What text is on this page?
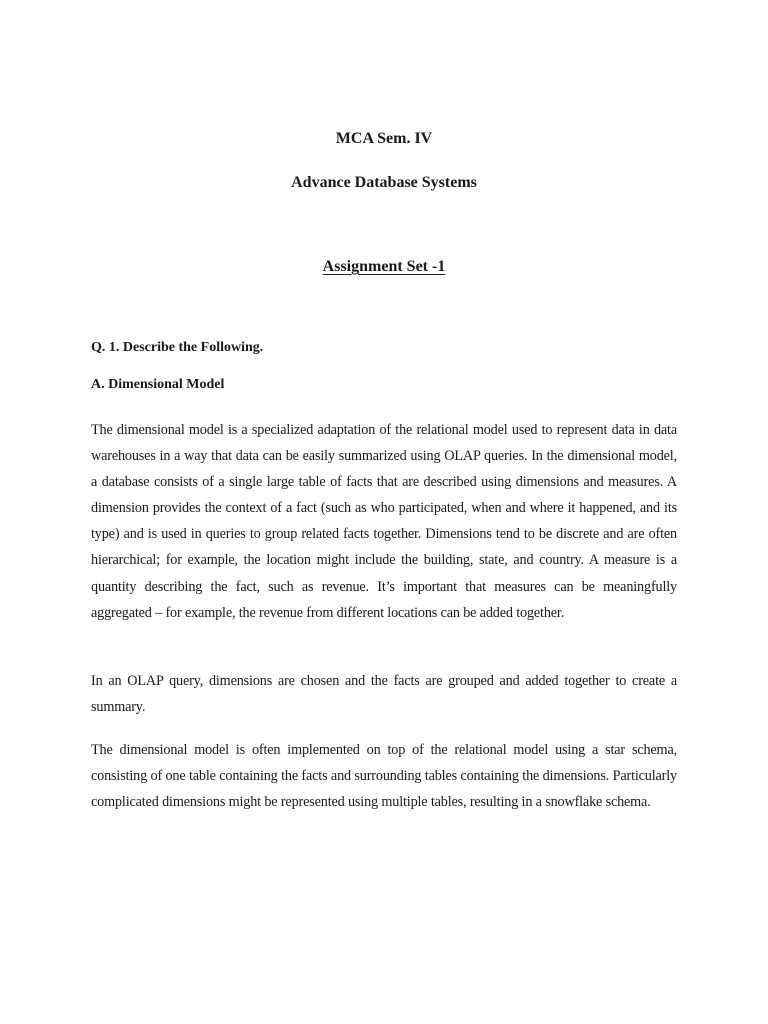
MCA Sem. IV

Advance Database Systems

Assignment Set -1

Q. 1. Describe the Following.

A. Dimensional Model

The dimensional model is a specialized adaptation of the relational model used to represent data in data warehouses in a way that data can be easily summarized using OLAP queries. In the dimensional model, a database consists of a single large table of facts that are described using dimensions and measures. A dimension provides the context of a fact (such as who participated, when and where it happened, and its type) and is used in queries to group related facts together. Dimensions tend to be discrete and are often hierarchical; for example, the location might include the building, state, and country. A measure is a quantity describing the fact, such as revenue. It’s important that measures can be meaningfully aggregated – for example, the revenue from different locations can be added together.

In an OLAP query, dimensions are chosen and the facts are grouped and added together to create a summary.

The dimensional model is often implemented on top of the relational model using a star schema, consisting of one table containing the facts and surrounding tables containing the dimensions. Particularly complicated dimensions might be represented using multiple tables, resulting in a snowflake schema.
